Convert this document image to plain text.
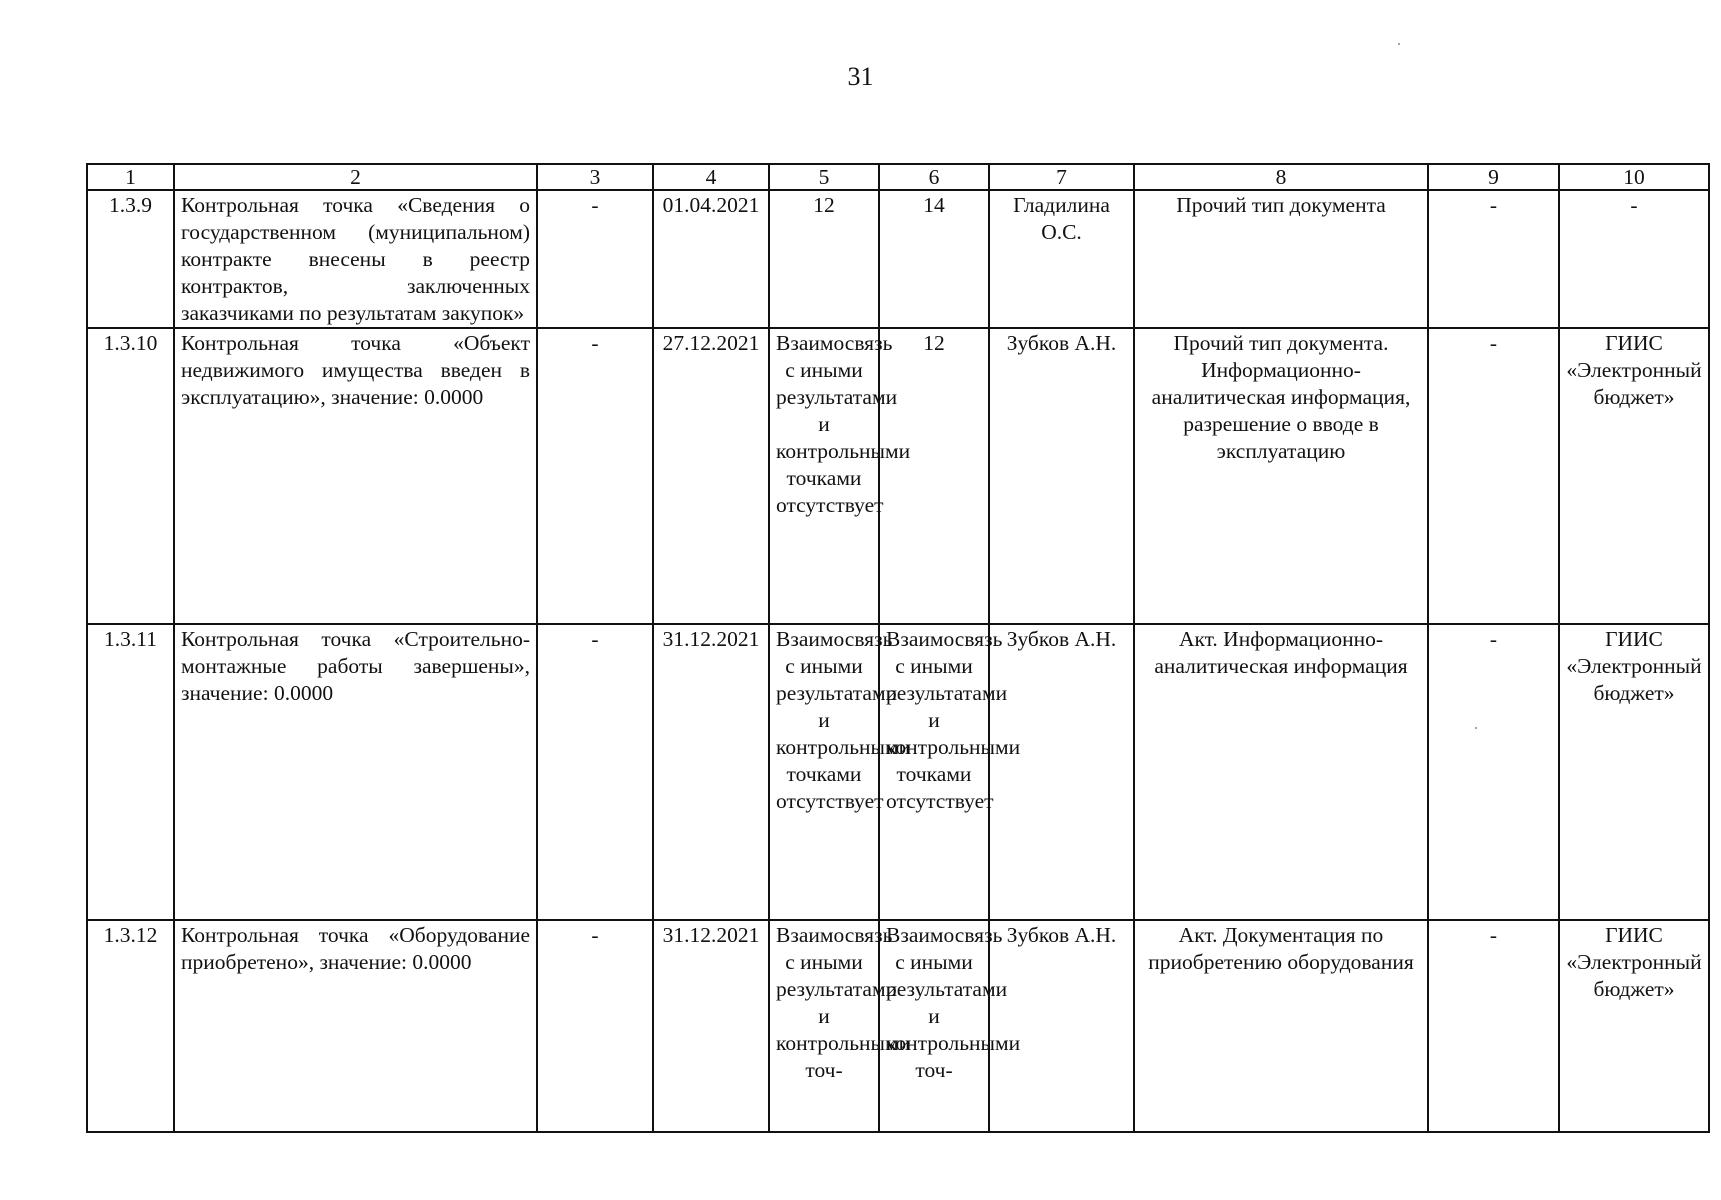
31
1	2	3	4	5	6	7	8	9	10
1.3.9	Контрольная точка «Сведения о государственном (муниципальном) контракте внесены в реестр контрактов, заключенных заказчиками по результатам закупок»	-	01.04.2021	12	14	Гладилина О.С.	Прочий тип документа	-	-
1.3.10	Контрольная точка «Объект недвижимого имущества введен в эксплуатацию», значение: 0.0000	-	27.12.2021	Взаимосвязь с иными результатами и контрольными точками отсутствует	12	Зубков А.Н.	Прочий тип документа. Информационно-аналитическая информация, разрешение о вводе в эксплуатацию	-	ГИИС «Электронный бюджет»
1.3.11	Контрольная точка «Строительно-монтажные работы завершены», значение: 0.0000	-	31.12.2021	Взаимосвязь с иными результатами и контрольными точками отсутствует	Взаимосвязь с иными результатами и контрольными точками отсутствует	Зубков А.Н.	Акт. Информационно-аналитическая информация	-	ГИИС «Электронный бюджет»
1.3.12	Контрольная точка «Оборудование приобретено», значение: 0.0000	-	31.12.2021	Взаимосвязь с иными результатами и контрольными точ-	Взаимосвязь с иными результатами и контрольными точ-	Зубков А.Н.	Акт. Документация по приобретению оборудования	-	ГИИС «Электронный бюджет»
